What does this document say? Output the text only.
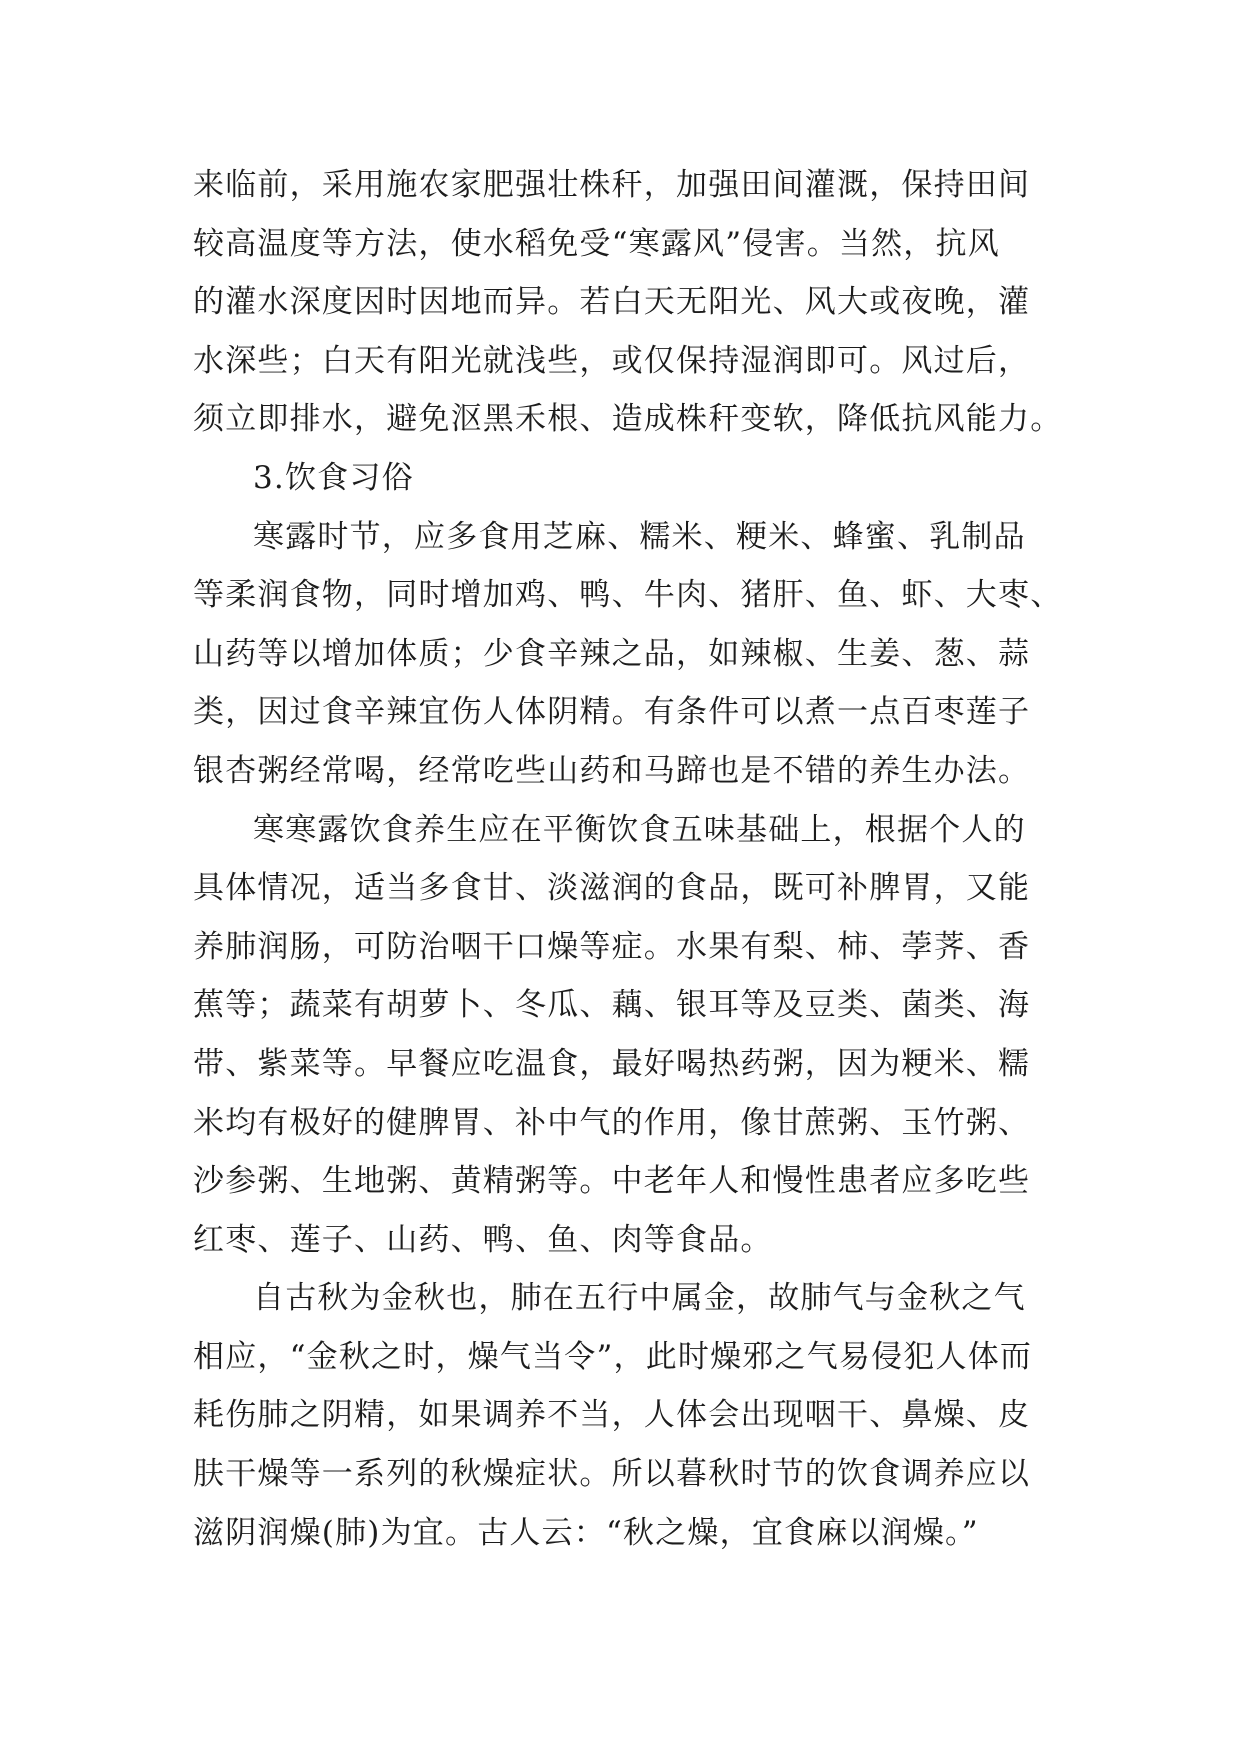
来临前，采用施农家肥强壮株秆，加强田间灌溉，保持田间
较高温度等方法，使水稻免受“寒露风”侵害。当然，抗风
的灌水深度因时因地而异。若白天无阳光、风大或夜晚，灌
水深些；白天有阳光就浅些，或仅保持湿润即可。风过后，
须立即排水，避免沤黑禾根、造成株秆变软，降低抗风能力。
3.饮食习俗
寒露时节，应多食用芝麻、糯米、粳米、蜂蜜、乳制品
等柔润食物，同时增加鸡、鸭、牛肉、猪肝、鱼、虾、大枣、
山药等以增加体质；少食辛辣之品，如辣椒、生姜、葱、蒜
类，因过食辛辣宜伤人体阴精。有条件可以煮一点百枣莲子
银杏粥经常喝，经常吃些山药和马蹄也是不错的养生办法。
寒寒露饮食养生应在平衡饮食五味基础上，根据个人的
具体情况，适当多食甘、淡滋润的食品，既可补脾胃，又能
养肺润肠，可防治咽干口燥等症。水果有梨、柿、荸荠、香
蕉等；蔬菜有胡萝卜、冬瓜、藕、银耳等及豆类、菌类、海
带、紫菜等。早餐应吃温食，最好喝热药粥，因为粳米、糯
米均有极好的健脾胃、补中气的作用，像甘蔗粥、玉竹粥、
沙参粥、生地粥、黄精粥等。中老年人和慢性患者应多吃些
红枣、莲子、山药、鸭、鱼、肉等食品。
自古秋为金秋也，肺在五行中属金，故肺气与金秋之气
相应，“金秋之时，燥气当令”，此时燥邪之气易侵犯人体而
耗伤肺之阴精，如果调养不当，人体会出现咽干、鼻燥、皮
肤干燥等一系列的秋燥症状。所以暮秋时节的饮食调养应以
滋阴润燥(肺)为宜。古人云：“秋之燥，宜食麻以润燥。”
